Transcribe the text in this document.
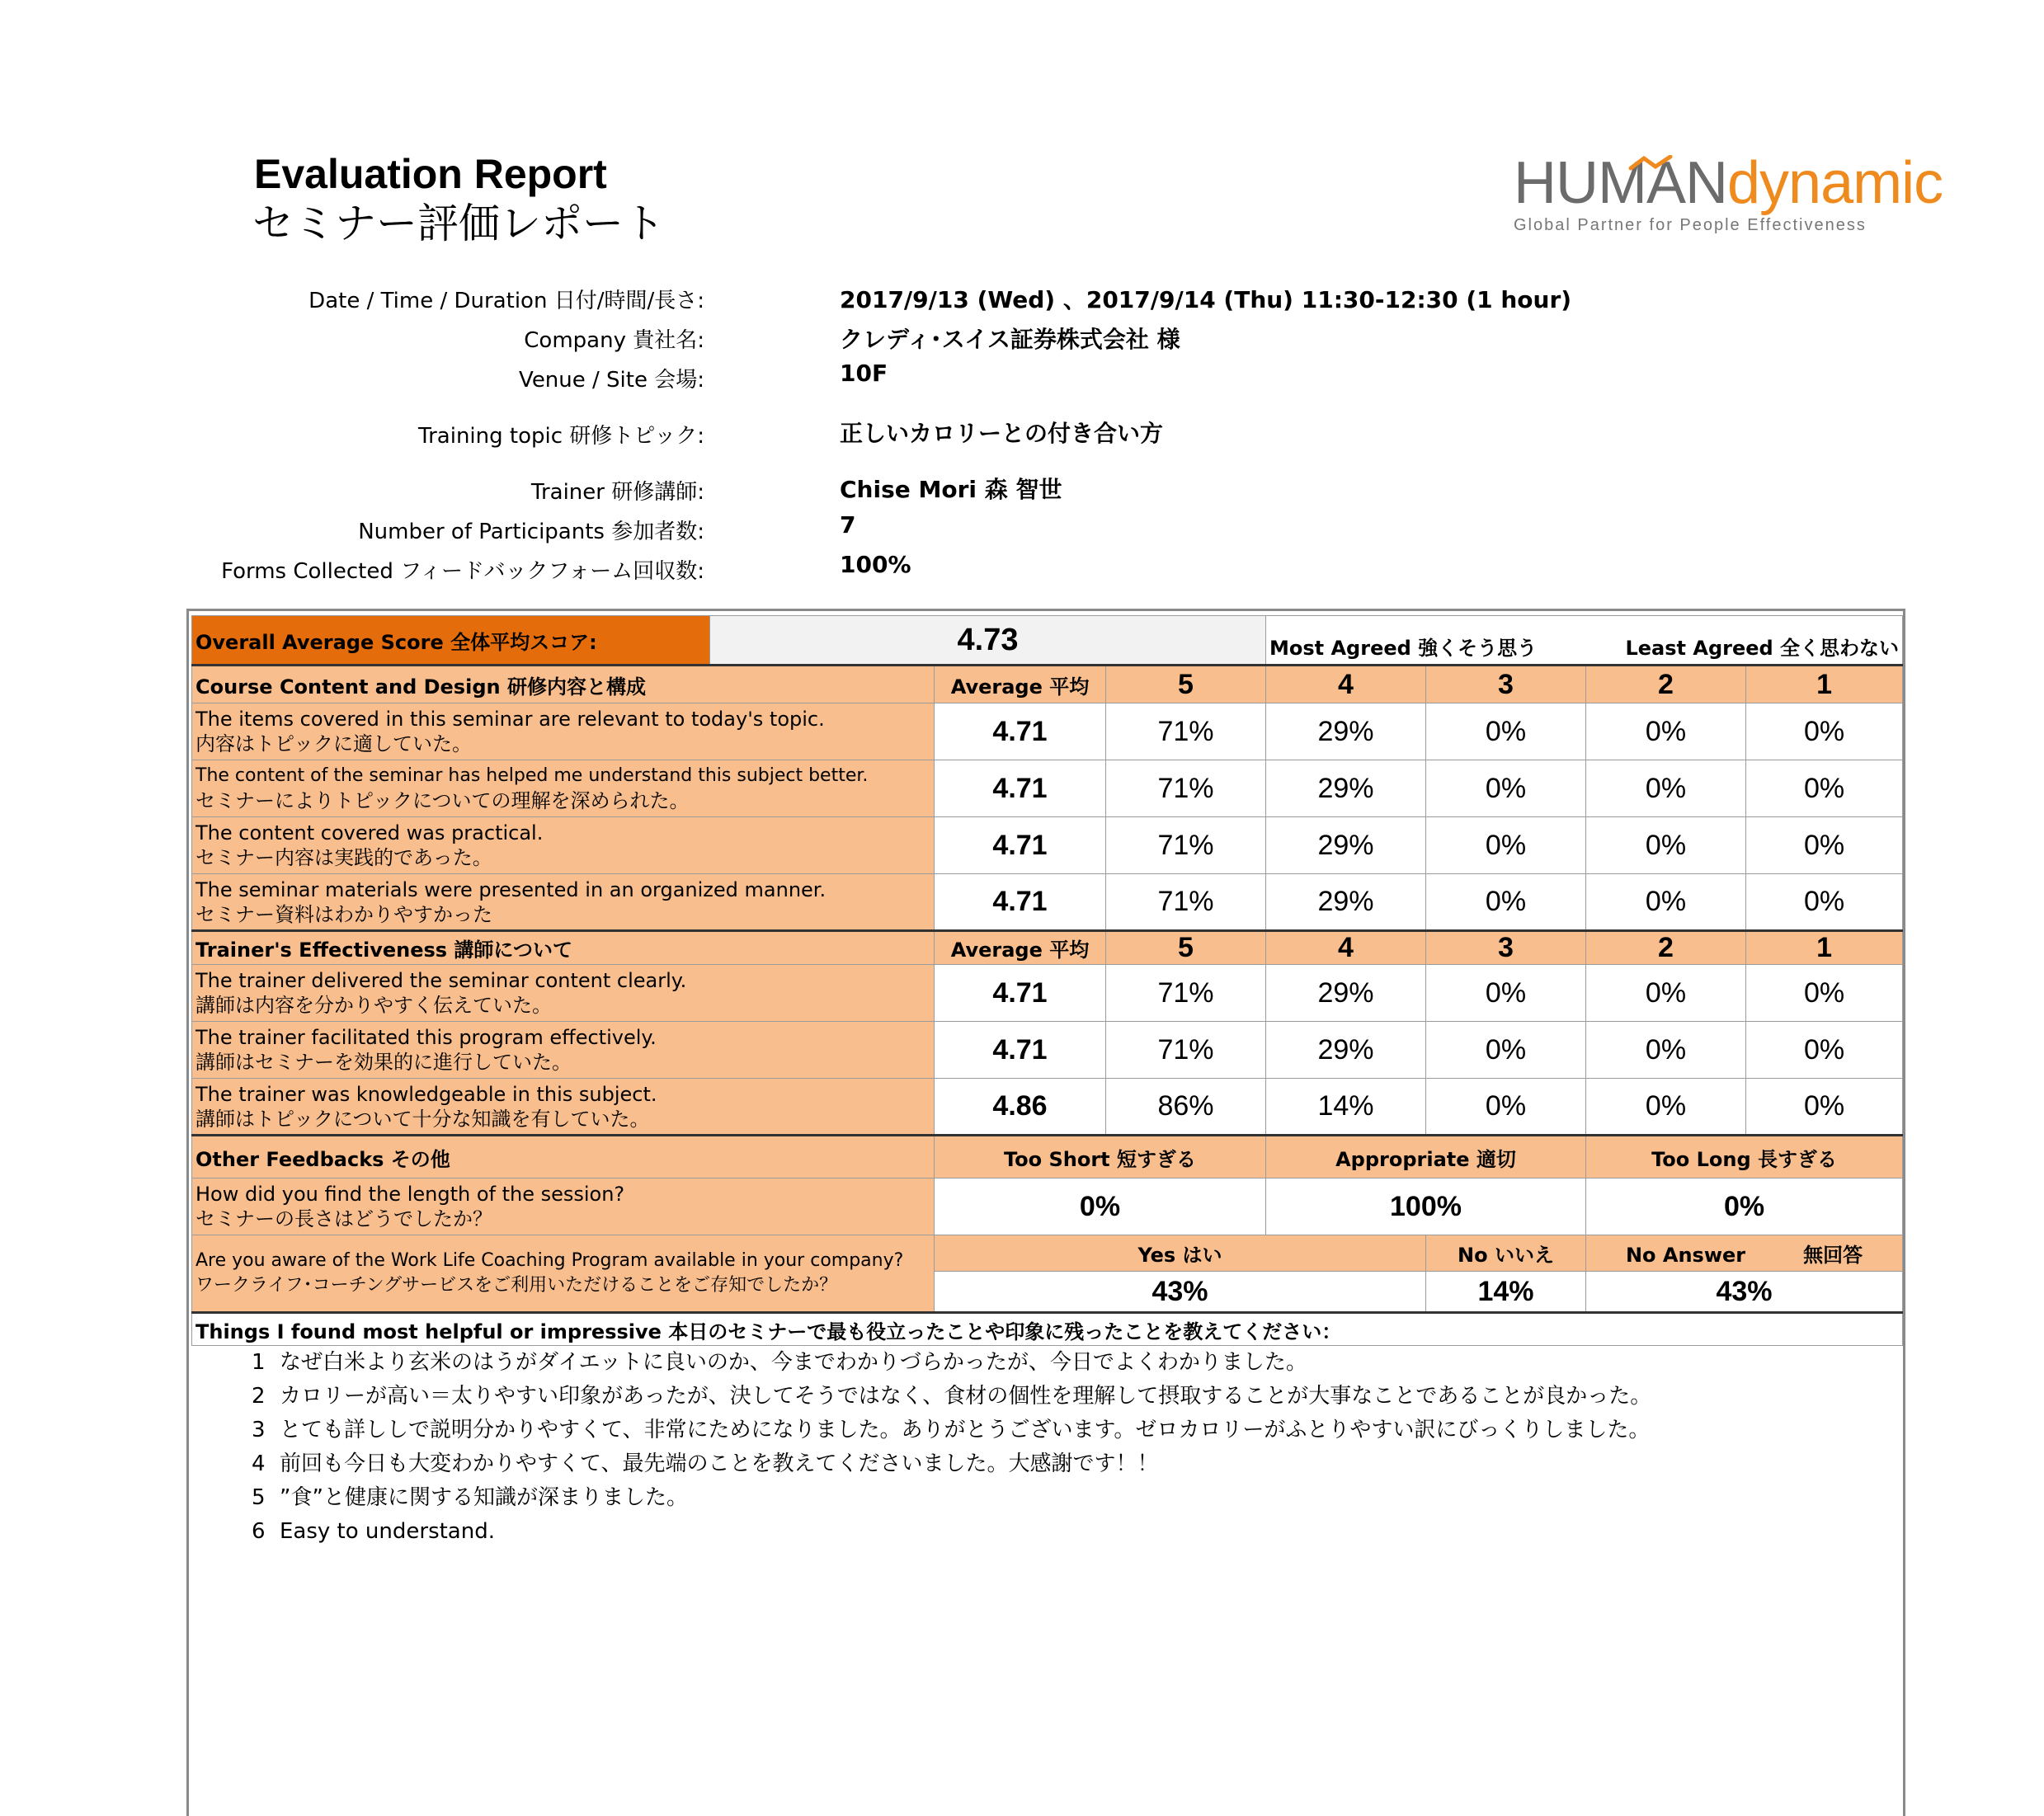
Evaluation Report
セミナー評価レポート
HUMANdynamic
Global Partner for People Effectiveness
Date / Time / Duration 日付/時間/長さ:	2017/9/13 (Wed) 、2017/9/14 (Thu) 11:30-12:30 (1 hour)
Company 貴社名:	クレディ･スイス証券株式会社 様
Venue / Site 会場:	10F
Training topic 研修トピック:	正しいカロリーとの付き合い方
Trainer 研修講師:	Chise Mori 森 智世
Number of Participants 参加者数:	7
Forms Collected フィードバックフォーム回収数:	100%
Overall Average Score 全体平均スコア:	4.73			Most Agreed 強くそう思う Least Agreed 全く思わない			

Course Content and Design 研修内容と構成		Average 平均	5	4	3	2	1

The items covered in this seminar are relevant to today's topic.
内容はトピックに適していた。		4.71	71%	29%	0%	0%	0%

The content of the seminar has helped me understand this subject better.
セミナーによりトピックについての理解を深められた。		4.71	71%	29%	0%	0%	0%

The content covered was practical.
セミナー内容は実践的であった。		4.71	71%	29%	0%	0%	0%

The seminar materials were presented in an organized manner.
セミナー資料はわかりやすかった		4.71	71%	29%	0%	0%	0%
Trainer's Effectiveness 講師について		Average 平均	5	4	3	2	1

The trainer delivered the seminar content clearly.
講師は内容を分かりやすく伝えていた。		4.71	71%	29%	0%	0%	0%

The trainer facilitated this program effectively.
講師はセミナーを効果的に進行していた。		4.71	71%	29%	0%	0%	0%

The trainer was knowledgeable in this subject.
講師はトピックについて十分な知識を有していた。		4.86	86%	14%	0%	0%	0%
Other Feedbacks その他		Too Short 短すぎる		Appropriate 適切		Too Long 長すぎる	

How did you find the length of the session?
セミナーの長さはどうでしたか？		0%		100%		0%	

Are you aware of the Work Life Coaching Program available in your company?
ワークライフ･コーチングサービスをご利用いただけることをご存知でしたか？		Yes はい			No いいえ	No Answer 無回答	
		43%			14%	43%	
Things I found most helpful or impressive 本日のセミナーで最も役立ったことや印象に残ったことを教えてください：							
1 なぜ白米より玄米のはうがダイエットに良いのか、今までわかりづらかったが、今日でよくわかりました。
2 カロリーが高い＝太りやすい印象があったが、決してそうではなく、食材の個性を理解して摂取することが大事なことであることが良かった。
3 とても詳ししで説明分かりやすくて、非常にためになりました。ありがとうございます。ゼロカロリーがふとりやすい訳にびっくりしました。
4 前回も今日も大変わかりやすくて、最先端のことを教えてくださいました。大感謝です！！
5 ”食”と健康に関する知識が深まりました。
6 Easy to understand.
